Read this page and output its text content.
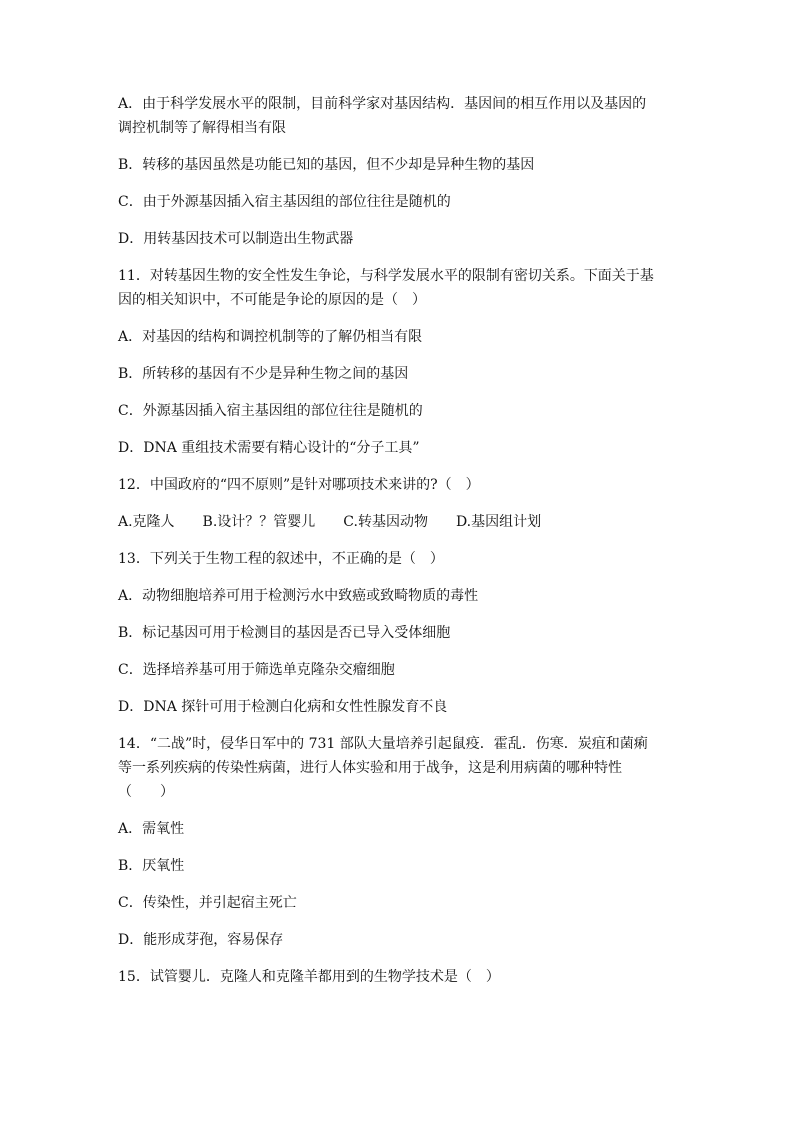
A．由于科学发展水平的限制，目前科学家对基因结构．基因间的相互作用以及基因的

调控机制等了解得相当有限

B．转移的基因虽然是功能已知的基因，但不少却是异种生物的基因

C．由于外源基因插入宿主基因组的部位往往是随机的

D．用转基因技术可以制造出生物武器

11．对转基因生物的安全性发生争论，与科学发展水平的限制有密切关系。下面关于基

因的相关知识中，不可能是争论的原因的是（　）

A．对基因的结构和调控机制等的了解仍相当有限

B．所转移的基因有不少是异种生物之间的基因

C．外源基因插入宿主基因组的部位往往是随机的

D．DNA 重组技术需要有精心设计的“分子工具”

12．中国政府的“四不原则”是针对哪项技术来讲的?（　）

A.克隆人　　B.设计？？管婴儿　　C.转基因动物　　D.基因组计划

13．下列关于生物工程的叙述中，不正确的是（　）

A．动物细胞培养可用于检测污水中致癌或致畸物质的毒性

B．标记基因可用于检测目的基因是否已导入受体细胞

C．选择培养基可用于筛选单克隆杂交瘤细胞

D．DNA 探针可用于检测白化病和女性性腺发育不良

14．“二战”时，侵华日军中的 731 部队大量培养引起鼠疫．霍乱．伤寒．炭疽和菌痢

等一系列疾病的传染性病菌，进行人体实验和用于战争，这是利用病菌的哪种特性

（　　）

A．需氧性

B．厌氧性

C．传染性，并引起宿主死亡

D．能形成芽孢，容易保存

15．试管婴儿．克隆人和克隆羊都用到的生物学技术是（　）
